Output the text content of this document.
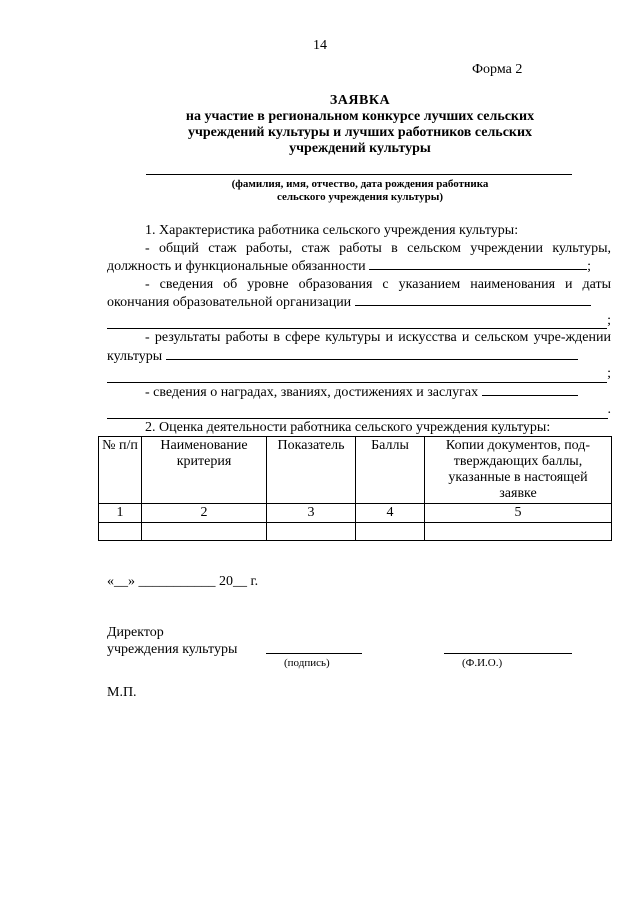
14
Форма 2
ЗАЯВКА
на участие в региональном конкурсе лучших сельских
учреждений культуры и лучших работников сельских
учреждений культуры
(фамилия, имя, отчество, дата рождения работника
сельского учреждения культуры)

1. Характеристика работника сельского учреждения культуры:

- общий стаж работы, стаж работы в сельском учреждении культуры, должность и функциональные обязанности	;

- сведения об уровне образования с указанием наименования и даты окончания образовательной организации

;

- результаты работы в сфере культуры и искусства и сельском учре-ждении культуры

;

- сведения о наградах, званиях, достижениях и заслугах

.

2. Оценка деятельности работника сельского учреждения культуры:

№ п/п	Наименование критерия	Показатель	Баллы	Копии документов, под-тверждающих баллы, указанные в настоящей заявке
1	2	3	4	5

«__» ___________ 20__ г.
Директор
учреждения культуры
(подпись)	(Ф.И.О.)
М.П.
